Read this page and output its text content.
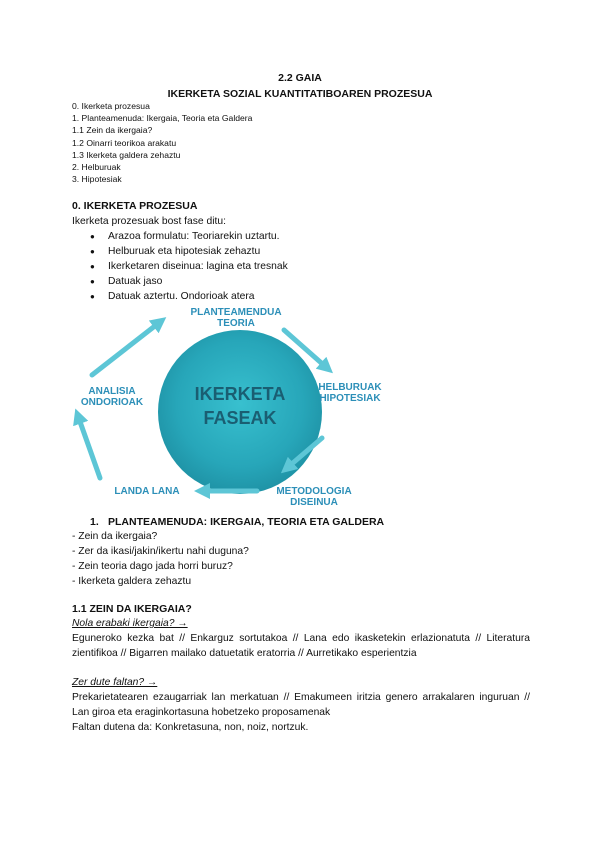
2.2 GAIA
IKERKETA SOZIAL KUANTITATIBOAREN PROZESUA
0. Ikerketa prozesua
1. Planteamenuda: Ikergaia, Teoria eta Galdera
1.1 Zein da ikergaia?
1.2 Oinarri teorikoa arakatu
1.3 Ikerketa galdera zehaztu
2. Helburuak
3. Hipotesiak
0. IKERKETA PROZESUA
Ikerketa prozesuak bost fase ditu:
● Arazoa formulatu: Teoriarekin uztartu.
● Helburuak eta hipotesiak zehaztu
● Ikerketaren diseinua: lagina eta tresnak
● Datuak jaso
● Datuak aztertu. Ondorioak atera
IKERKETA
FASEAK
PLANTEAMENDUA
TEORIA
HELBURUAK
HIPOTESIAK
METODOLOGIA
DISEINUA
LANDA LANA
ANALISIA
ONDORIOAK
1. PLANTEAMENUDA: IKERGAIA, TEORIA ETA GALDERA
- Zein da ikergaia?
- Zer da ikasi/jakin/ikertu nahi duguna?
- Zein teoria dago jada horri buruz?
- Ikerketa galdera zehaztu
1.1 ZEIN DA IKERGAIA?
Nola erabaki ikergaia? →
Eguneroko kezka bat // Enkarguz sortutakoa // Lana edo ikasketekin erlazionatuta // Literatura zientifikoa // Bigarren mailako datuetatik eratorria // Aurretikako esperientzia
Zer dute faltan? →
Prekarietatearen ezaugarriak lan merkatuan // Emakumeen iritzia genero arrakalaren inguruan // Lan giroa eta eraginkortasuna hobetzeko proposamenak
Faltan dutena da: Konkretasuna, non, noiz, nortzuk.
